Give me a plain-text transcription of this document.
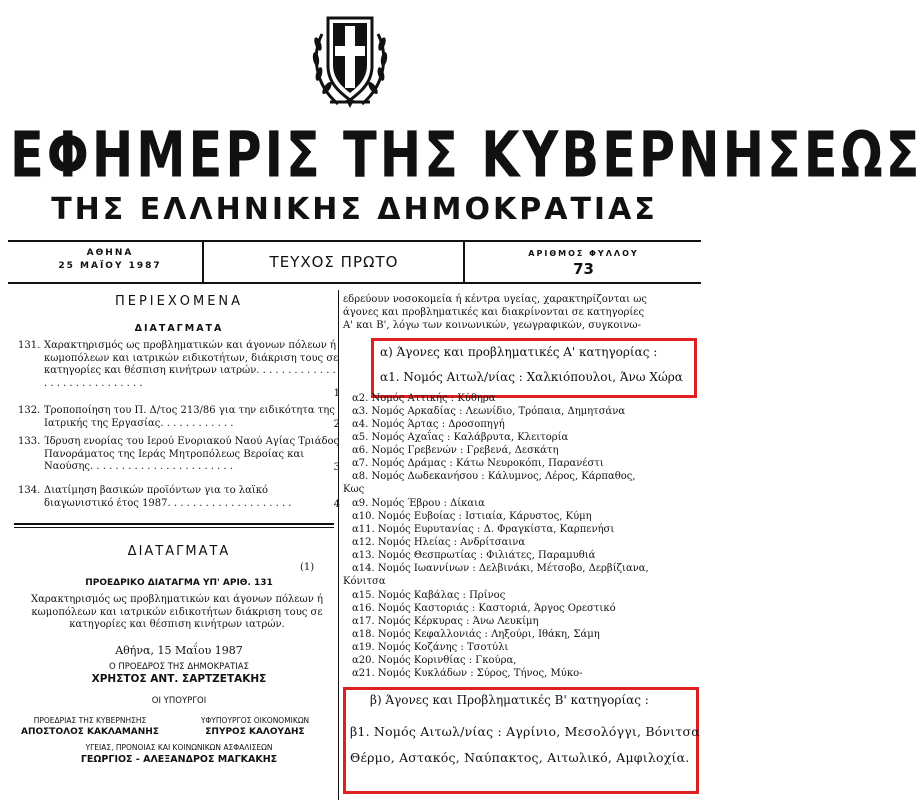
ΕΦΗΜΕΡΙΣ ΤΗΣ ΚΥΒΕΡΝΗΣΕΩΣ
ΤΗΣ ΕΛΛΗΝΙΚΗΣ ΔΗΜΟΚΡΑΤΙΑΣ
ΑΘΗΝΑ
25 ΜΑΪΟΥ 1987	ΤΕΥΧΟΣ ΠΡΩΤΟ	ΑΡΙΘΜΟΣ ΦΥΛΛΟΥ
73
ΠΕΡΙΕΧΟΜΕΝΑ
ΔΙΑΤΑΓΜΑΤΑ
131. Χαρακτηρισμός ως προβληματικών και άγονων πόλεων ή κωμοπόλεων και ιατρικών ειδικοτήτων, διάκριση τους σε κατηγορίες και θέσπιση κινήτρων ιατρών. . . . . . . . . . . . . . . . . . . . . . . . . . . . .
1
132. Τροποποίηση του Π. Δ/τος 213/86 για την ειδικότητα της Ιατρικής της Εργασίας. . . . . . . . . . . .	2
133. Ίδρυση ενορίας του Ιερού Ενοριακού Ναού Αγίας Τριάδος Πανοράματος της Ιεράς Μητροπόλεως Βεροίας και Ναούσης. . . . . . . . . . . . . . . . . . . . . . .	3
134. Διατίμηση βασικών προϊόντων για το λαϊκό διαγωνιστικό έτος 1987. . . . . . . . . . . . . . . . . . . .	4
ΔΙΑΤΑΓΜΑΤΑ
(1)
ΠΡΟΕΔΡΙΚΟ ΔΙΑΤΑΓΜΑ ΥΠ' ΑΡΙΘ. 131
Χαρακτηρισμός ως προβληματικών και άγονων πόλεων ή κωμοπόλεων και ιατρικών ειδικοτήτων διάκριση τους σε κατηγορίες και θέσπιση κινήτρων ιατρών.
Αθήνα, 15 Μαΐου 1987
Ο ΠΡΟΕΔΡΟΣ ΤΗΣ ΔΗΜΟΚΡΑΤΙΑΣ
ΧΡΗΣΤΟΣ ΑΝΤ. ΣΑΡΤΖΕΤΑΚΗΣ
ΟΙ ΥΠΟΥΡΓΟΙ
ΠΡΟΕΔΡΙΑΣ ΤΗΣ ΚΥΒΕΡΝΗΣΗΣ
ΑΠΟΣΤΟΛΟΣ ΚΑΚΛΑΜΑΝΗΣ
ΥΦΥΠΟΥΡΓΟΣ ΟΙΚΟΝΟΜΙΚΩΝ
ΣΠΥΡΟΣ ΚΑΛΟΥΔΗΣ
ΥΓΕΙΑΣ, ΠΡΟΝΟΙΑΣ ΚΑΙ ΚΟΙΝΩΝΙΚΩΝ ΑΣΦΑΛΙΣΕΩΝ
ΓΕΩΡΓΙΟΣ - ΑΛΕΞΑΝΔΡΟΣ ΜΑΓΚΑΚΗΣ
εδρεύουν νοσοκομεία ή κέντρα υγείας, χαρακτηρίζονται ως
άγονες και προβληματικές και διακρίνονται σε κατηγορίες
Α' και Β', λόγω των κοινωνικών, γεωγραφικών, συγκοινω-
α) Άγονες και προβληματικές Α' κατηγορίας :
α1. Νομός Αιτωλ/νίας : Χαλκιόπουλοι, Άνω Χώρα
α2. Νομός Αττικής : Κύθηρα
α3. Νομός Αρκαδίας : Λεωνίδιο, Τρόπαια, Δημητσάνα
α4. Νομός Άρτας : Δροσοπηγή
α5. Νομός Αχαΐας : Καλάβρυτα, Κλειτορία
α6. Νομός Γρεβενών : Γρεβενά, Δεσκάτη
α7. Νομός Δράμας : Κάτω Νευροκόπι, Παρανέστι
α8. Νομός Δωδεκανήσου : Κάλυμνος, Λέρος, Κάρπαθος,
Κως
α9. Νομός Έβρου : Δίκαια
α10. Νομός Ευβοίας : Ιστιαία, Κάρυστος, Κύμη
α11. Νομός Ευρυτανίας : Δ. Φραγκίστα, Καρπενήσι
α12. Νομός Ηλείας : Ανδρίτσαινα
α13. Νομός Θεσπρωτίας : Φιλιάτες, Παραμυθιά
α14. Νομός Ιωαννίνων : Δελβινάκι, Μέτσοβο, Δερβίζιανα,
Κόνιτσα
α15. Νομός Καβάλας : Πρίνος
α16. Νομός Καστοριάς : Καστοριά, Άργος Ορεστικό
α17. Νομός Κέρκυρας : Άνω Λευκίμη
α18. Νομός Κεφαλλονιάς : Ληξούρι, Ιθάκη, Σάμη
α19. Νομός Κοζάνης : Τσοτύλι
α20. Νομός Κορινθίας : Γκούρα,
α21. Νομός Κυκλάδων : Σύρος, Τήνος, Μύκο-
β) Άγονες και Προβληματικές Β' κατηγορίας :
β1. Νομός Αιτωλ/νίας : Αγρίνιο, Μεσολόγγι, Βόνιτσα
Θέρμο, Αστακός, Ναύπακτος, Αιτωλικό, Αμφιλοχία.
